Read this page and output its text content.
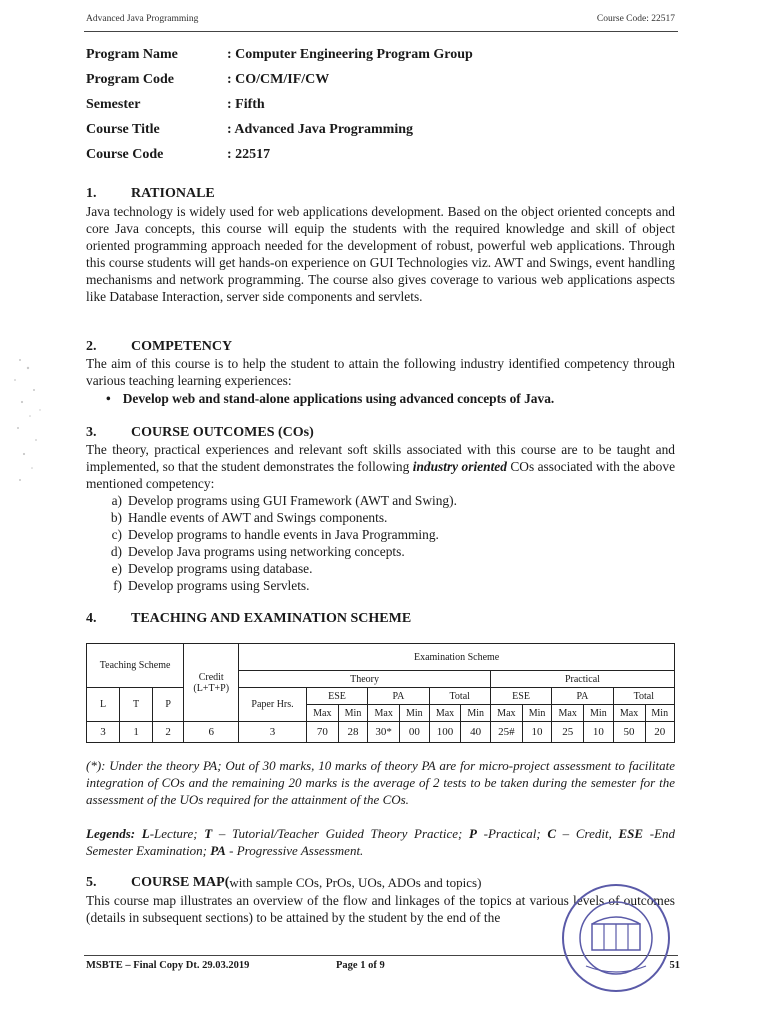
Advanced Java Programming	Course Code: 22517
Program Name	: Computer Engineering Program Group
Program Code	: CO/CM/IF/CW
Semester	: Fifth
Course Title	: Advanced Java Programming
Course Code	: 22517
1.	RATIONALE
Java technology is widely used for web applications development. Based on the object oriented concepts and core Java concepts, this course will equip the students with the required knowledge and skill of object oriented programming approach needed for the development of robust, powerful web applications. Through this course students will get hands-on experience on GUI Technologies viz. AWT and Swings, event handling mechanisms and network programming. The course also gives coverage to various web applications aspects like Database Interaction, server side components and servlets.
2.	COMPETENCY
The aim of this course is to help the student to attain the following industry identified competency through various teaching learning experiences:
• Develop web and stand-alone applications using advanced concepts of Java.
3.	COURSE OUTCOMES (COs)
The theory, practical experiences and relevant soft skills associated with this course are to be taught and implemented, so that the student demonstrates the following industry oriented COs associated with the above mentioned competency:
a) Develop programs using GUI Framework (AWT and Swing).
b) Handle events of AWT and Swings components.
c) Develop programs to handle events in Java Programming.
d) Develop Java programs using networking concepts.
e) Develop programs using database.
f) Develop programs using Servlets.
4.	TEACHING AND EXAMINATION SCHEME
Teaching Scheme			Credit (L+T+P)	Examination Scheme												
				Theory							Practical					
L	T	P		Paper Hrs.	ESE		PA		Total		ESE		PA		Total	
					Max	Min	Max	Min	Max	Min	Max	Min	Max	Min	Max	Min
3	1	2	6	3	70	28	30*	00	100	40	25#	10	25	10	50	20
(*): Under the theory PA; Out of 30 marks, 10 marks of theory PA are for micro-project assessment to facilitate integration of COs and the remaining 20 marks is the average of 2 tests to be taken during the semester for the assessment of the UOs required for the attainment of the COs.
Legends: L-Lecture; T – Tutorial/Teacher Guided Theory Practice; P -Practical; C – Credit, ESE -End Semester Examination; PA - Progressive Assessment.
5.	COURSE MAP( with sample COs, PrOs, UOs, ADOs and topics)
This course map illustrates an overview of the flow and linkages of the topics at various levels of outcomes (details in subsequent sections) to be attained by the student by the end of the
MSBTE – Final Copy Dt. 29.03.2019	Page 1 of 9	51
